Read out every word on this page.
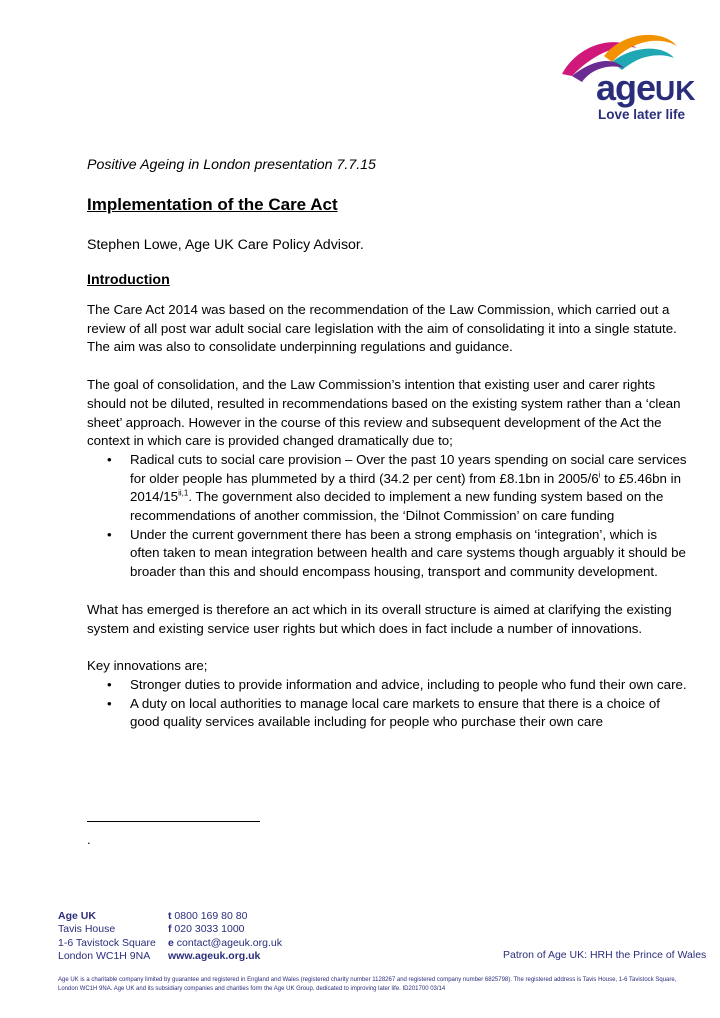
ageUK
Love later life
Positive Ageing in London presentation 7.7.15
Implementation of the Care Act
Stephen Lowe, Age UK Care Policy Advisor.
Introduction

The Care Act 2014 was based on the recommendation of the Law Commission, which carried out a review of all post war adult social care legislation with the aim of consolidating it into a single statute. The aim was also to consolidate underpinning regulations and guidance.

The goal of consolidation, and the Law Commission’s intention that existing user and carer rights should not be diluted, resulted in recommendations based on the existing system rather than a ‘clean sheet’ approach. However in the course of this review and subsequent development of the Act the context in which care is provided changed dramatically due to;

• Radical cuts to social care provision – Over the past 10 years spending on social care services for older people has plummeted by a third (34.2 per cent) from £8.1bn in 2005/6$^i$ to £5.46bn in 2014/15$^{ii,1}$. The government also decided to implement a new funding system based on the recommendations of another commission, the ‘Dilnot Commission’ on care funding
• Under the current government there has been a strong emphasis on ‘integration’, which is often taken to mean integration between health and care systems though arguably it should be broader than this and should encompass housing, transport and community development.

What has emerged is therefore an act which in its overall structure is aimed at clarifying the existing system and existing service user rights but which does in fact include a number of innovations.

Key innovations are;

• Stronger duties to provide information and advice, including to people who fund their own care.
• A duty on local authorities to manage local care markets to ensure that there is a choice of good quality services available including for people who purchase their own care
.
Age UK
Tavis House
1-6 Tavistock Square
London WC1H 9NA
t 0800 169 80 80
f 020 3033 1000
e contact@ageuk.org.uk
www.ageuk.org.uk	Patron of Age UK: HRH the Prince of Wales
Age UK is a charitable company limited by guarantee and registered in England and Wales (registered charity number 1128267 and registered company number 6825798). The registered address is Tavis House, 1-6 Tavistock Square, London WC1H 9NA. Age UK and its subsidiary companies and charities form the Age UK Group, dedicated to improving later life. ID201700 03/14
